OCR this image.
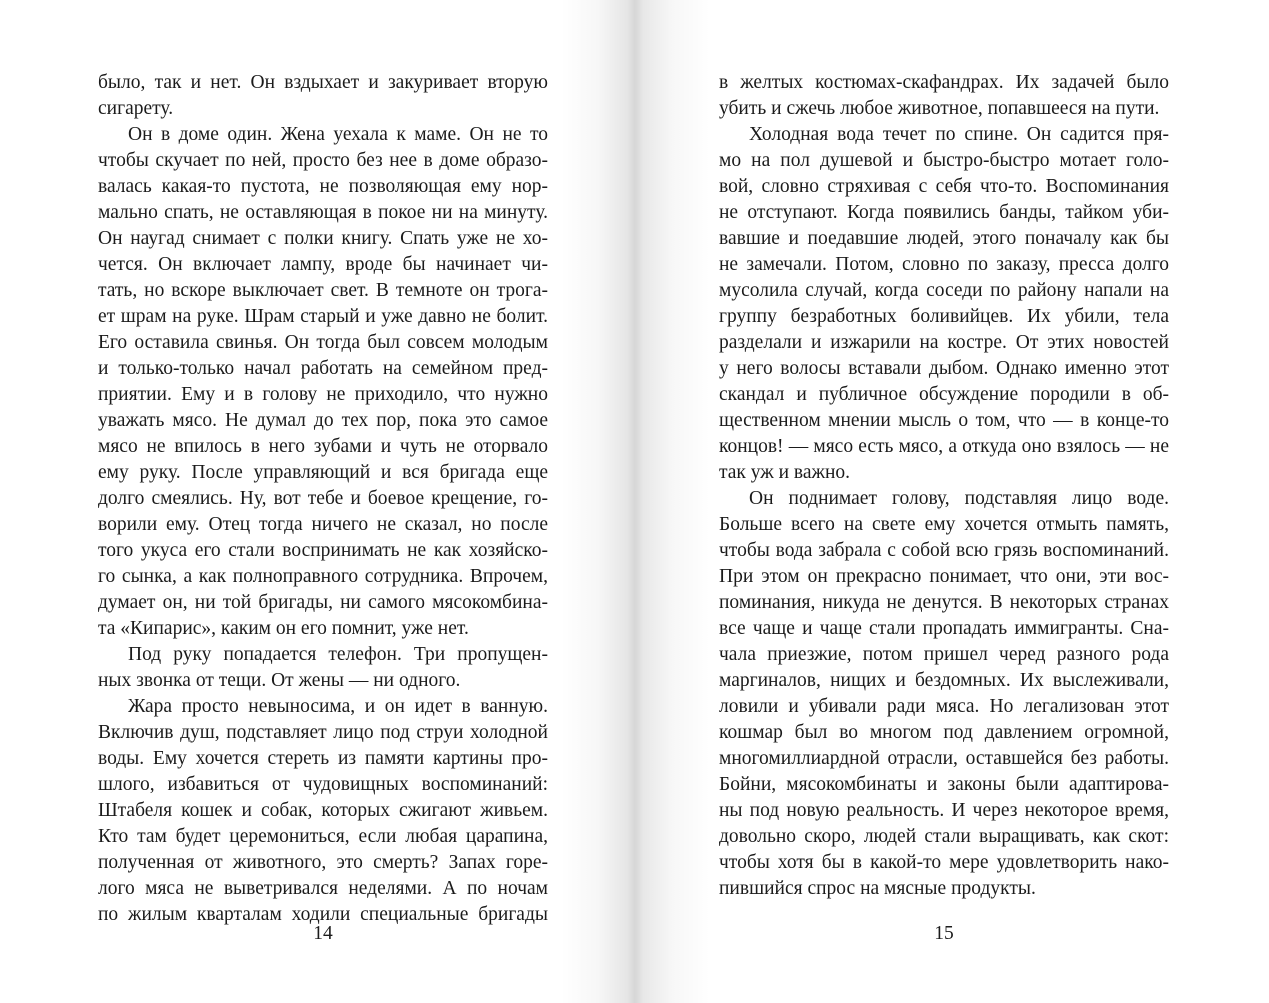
было, так и нет. Он вздыхает и закуривает вторую
сигарету.
Он в доме один. Жена уехала к маме. Он не то
чтобы скучает по ней, просто без нее в доме образо-
валась какая-то пустота, не позволяющая ему нор-
мально спать, не оставляющая в покое ни на минуту.
Он наугад снимает с полки книгу. Спать уже не хо-
чется. Он включает лампу, вроде бы начинает чи-
тать, но вскоре выключает свет. В темноте он трога-
ет шрам на руке. Шрам старый и уже давно не болит.
Его оставила свинья. Он тогда был совсем молодым
и только-только начал работать на семейном пред-
приятии. Ему и в голову не приходило, что нужно
уважать мясо. Не думал до тех пор, пока это самое
мясо не впилось в него зубами и чуть не оторвало
ему руку. После управляющий и вся бригада еще
долго смеялись. Ну, вот тебе и боевое крещение, го-
ворили ему. Отец тогда ничего не сказал, но после
того укуса его стали воспринимать не как хозяйско-
го сынка, а как полноправного сотрудника. Впрочем,
думает он, ни той бригады, ни самого мясокомбина-
та «Кипарис», каким он его помнит, уже нет.
Под руку попадается телефон. Три пропущен-
ных звонка от тещи. От жены — ни одного.
Жара просто невыносима, и он идет в ванную.
Включив душ, подставляет лицо под струи холодной
воды. Ему хочется стереть из памяти картины про-
шлого, избавиться от чудовищных воспоминаний:
Штабеля кошек и собак, которых сжигают живьем.
Кто там будет церемониться, если любая царапина,
полученная от животного, это смерть? Запах горе-
лого мяса не выветривался неделями. А по ночам
по жилым кварталам ходили специальные бригады
14
в желтых костюмах-скафандрах. Их задачей было
убить и сжечь любое животное, попавшееся на пути.
Холодная вода течет по спине. Он садится пря-
мо на пол душевой и быстро-быстро мотает голо-
вой, словно стряхивая с себя что-то. Воспоминания
не отступают. Когда появились банды, тайком уби-
вавшие и поедавшие людей, этого поначалу как бы
не замечали. Потом, словно по заказу, пресса долго
мусолила случай, когда соседи по району напали на
группу безработных боливийцев. Их убили, тела
разделали и изжарили на костре. От этих новостей
у него волосы вставали дыбом. Однако именно этот
скандал и публичное обсуждение породили в об-
щественном мнении мысль о том, что — в конце-то
концов! — мясо есть мясо, а откуда оно взялось — не
так уж и важно.
Он поднимает голову, подставляя лицо воде.
Больше всего на свете ему хочется отмыть память,
чтобы вода забрала с собой всю грязь воспоминаний.
При этом он прекрасно понимает, что они, эти вос-
поминания, никуда не денутся. В некоторых странах
все чаще и чаще стали пропадать иммигранты. Сна-
чала приезжие, потом пришел черед разного рода
маргиналов, нищих и бездомных. Их выслеживали,
ловили и убивали ради мяса. Но легализован этот
кошмар был во многом под давлением огромной,
многомиллиардной отрасли, оставшейся без работы.
Бойни, мясокомбинаты и законы были адаптирова-
ны под новую реальность. И через некоторое время,
довольно скоро, людей стали выращивать, как скот:
чтобы хотя бы в какой-то мере удовлетворить нако-
пившийся спрос на мясные продукты.
15
